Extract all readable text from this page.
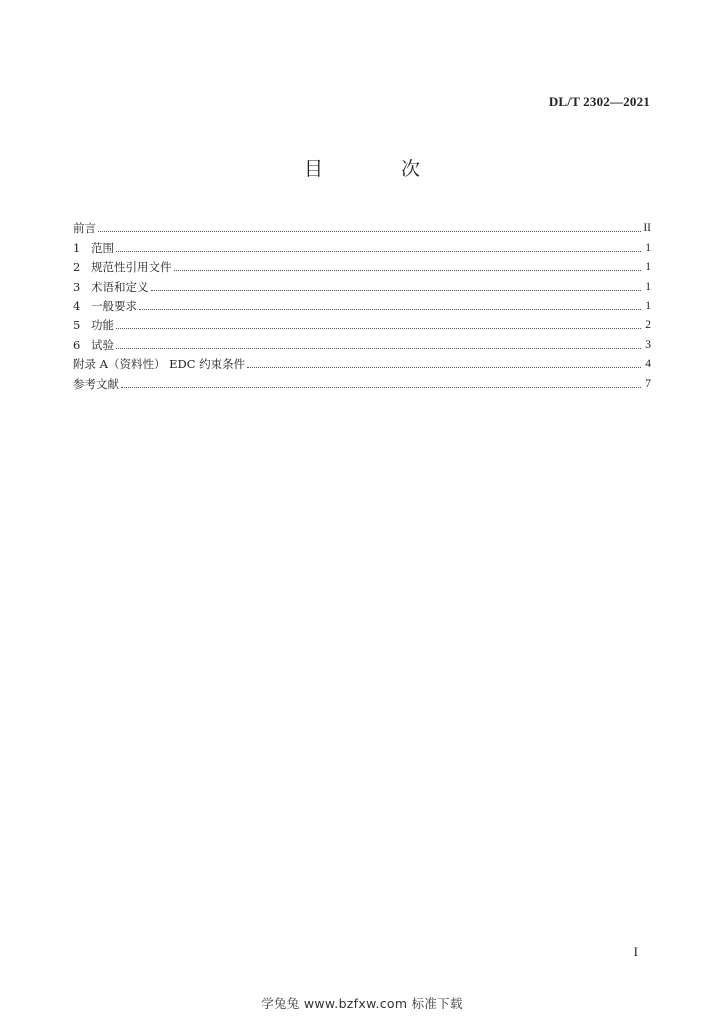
DL/T 2302—2021
目 次
前言	II
1 范围	1
2 规范性引用文件	1
3 术语和定义	1
4 一般要求	1
5 功能	2
6 试验	3
附录 A（资料性） EDC 约束条件	4
参考文献	7
I
学兔兔 www.bzfxw.com 标准下载
